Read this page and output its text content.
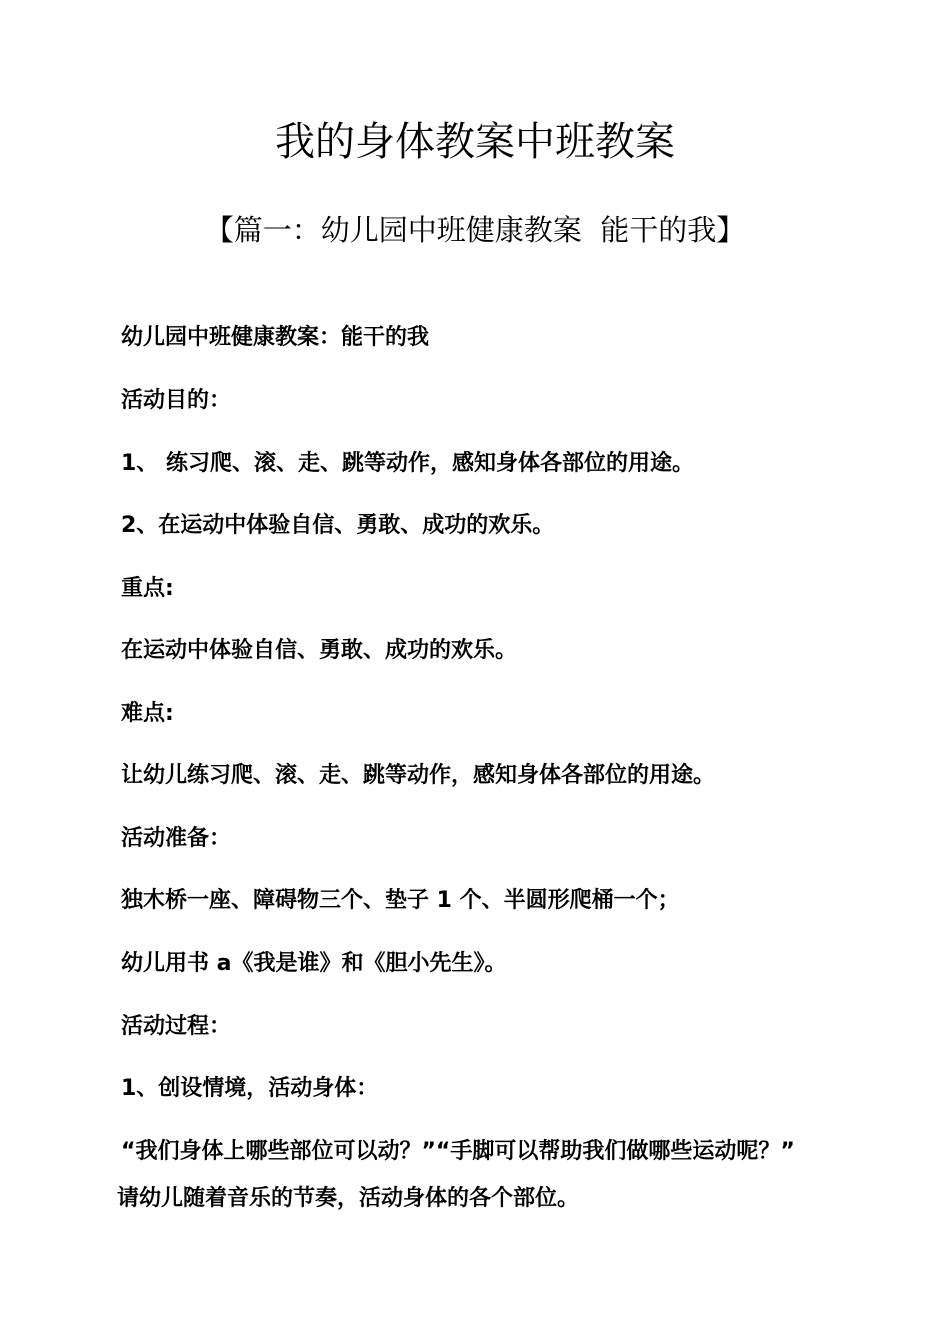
我的身体教案中班教案
【篇一：幼儿园中班健康教案  能干的我】
幼儿园中班健康教案：能干的我
活动目的：
1、 练习爬、滚、走、跳等动作，感知身体各部位的用途。
2、在运动中体验自信、勇敢、成功的欢乐。
重点:
在运动中体验自信、勇敢、成功的欢乐。
难点:
让幼儿练习爬、滚、走、跳等动作，感知身体各部位的用途。
活动准备：
独木桥一座、障碍物三个、垫子 1 个、半圆形爬桶一个；
幼儿用书 a《我是谁》和《胆小先生》。
活动过程：
1、创设情境，活动身体：
“我们身体上哪些部位可以动？”“手脚可以帮助我们做哪些运动呢？”
请幼儿随着音乐的节奏，活动身体的各个部位。
